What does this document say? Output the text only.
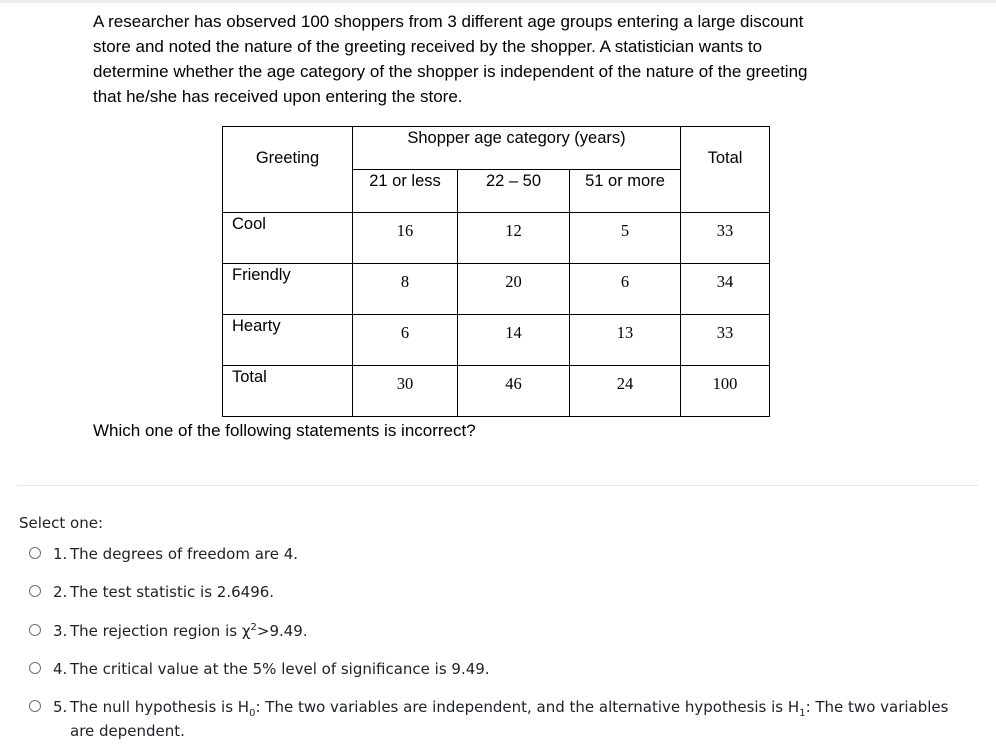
A researcher has observed 100 shoppers from 3 different age groups entering a large discount

store and noted the nature of the greeting received by the shopper. A statistician wants to

determine whether the age category of the shopper is independent of the nature of the greeting

that he/she has received upon entering the store.

Greeting	Shopper age category (years)			Total
	21 or less	22 – 50	51 or more	
Cool	16	12	5	33
Friendly	8	20	6	34
Hearty	6	14	13	33
Total	30	46	24	100
Which one of the following statements is incorrect?
Select one:
1. The degrees of freedom are 4.
2. The test statistic is 2.6496.
3. The rejection region is $\chi^2>9.49$.
4. The critical value at the 5% level of significance is 9.49.
5. The null hypothesis is $H_0$: The two variables are independent, and the alternative hypothesis is $H_1$: The two variables are dependent.
